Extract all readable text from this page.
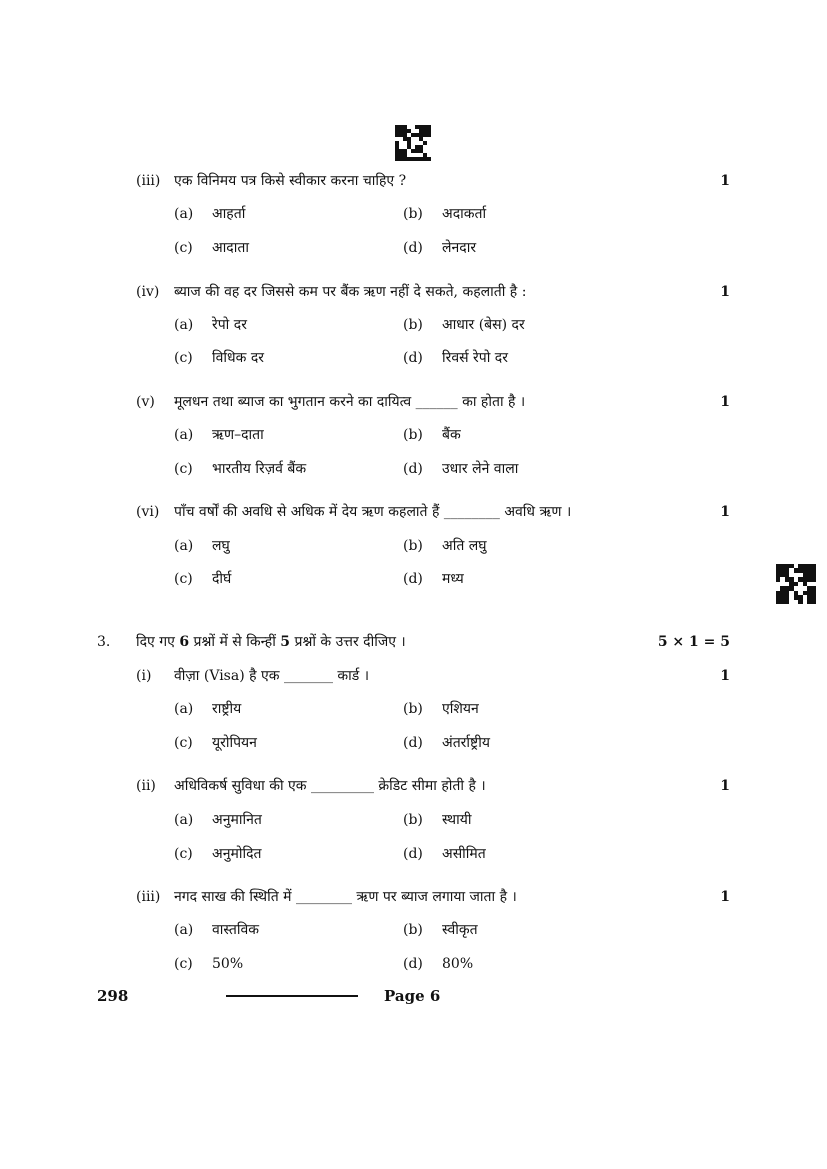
(iii) एक विनिमय पत्र किसे स्वीकार करना चाहिए ?	1
(a) आहर्ता	(b) अदाकर्ता
(c) आदाता	(d) लेनदार
(iv) ब्याज की वह दर जिससे कम पर बैंक ऋण नहीं दे सकते, कहलाती है :	1
(a) रेपो दर	(b) आधार (बेस) दर
(c) विधिक दर	(d) रिवर्स रेपो दर
(v) मूलधन तथा ब्याज का भुगतान करने का दायित्व ______ का होता है ।	1
(a) ऋण–दाता	(b) बैंक
(c) भारतीय रिज़र्व बैंक	(d) उधार लेने वाला
(vi) पाँच वर्षों की अवधि से अधिक में देय ऋण कहलाते हैं ________ अवधि ऋण ।	1
(a) लघु	(b) अति लघु
(c) दीर्घ	(d) मध्य
3. दिए गए 6 प्रश्नों में से किन्हीं 5 प्रश्नों के उत्तर दीजिए ।	5 × 1 = 5
(i) वीज़ा (Visa) है एक _______ कार्ड ।	1
(a) राष्ट्रीय	(b) एशियन
(c) यूरोपियन	(d) अंतर्राष्ट्रीय
(ii) अधिविकर्ष सुविधा की एक _________ क्रेडिट सीमा होती है ।	1
(a) अनुमानित	(b) स्थायी
(c) अनुमोदित	(d) असीमित
(iii) नगद साख की स्थिति में ________ ऋण पर ब्याज लगाया जाता है ।	1
(a) वास्तविक	(b) स्वीकृत
(c) 50%	(d) 80%
298	Page 6
